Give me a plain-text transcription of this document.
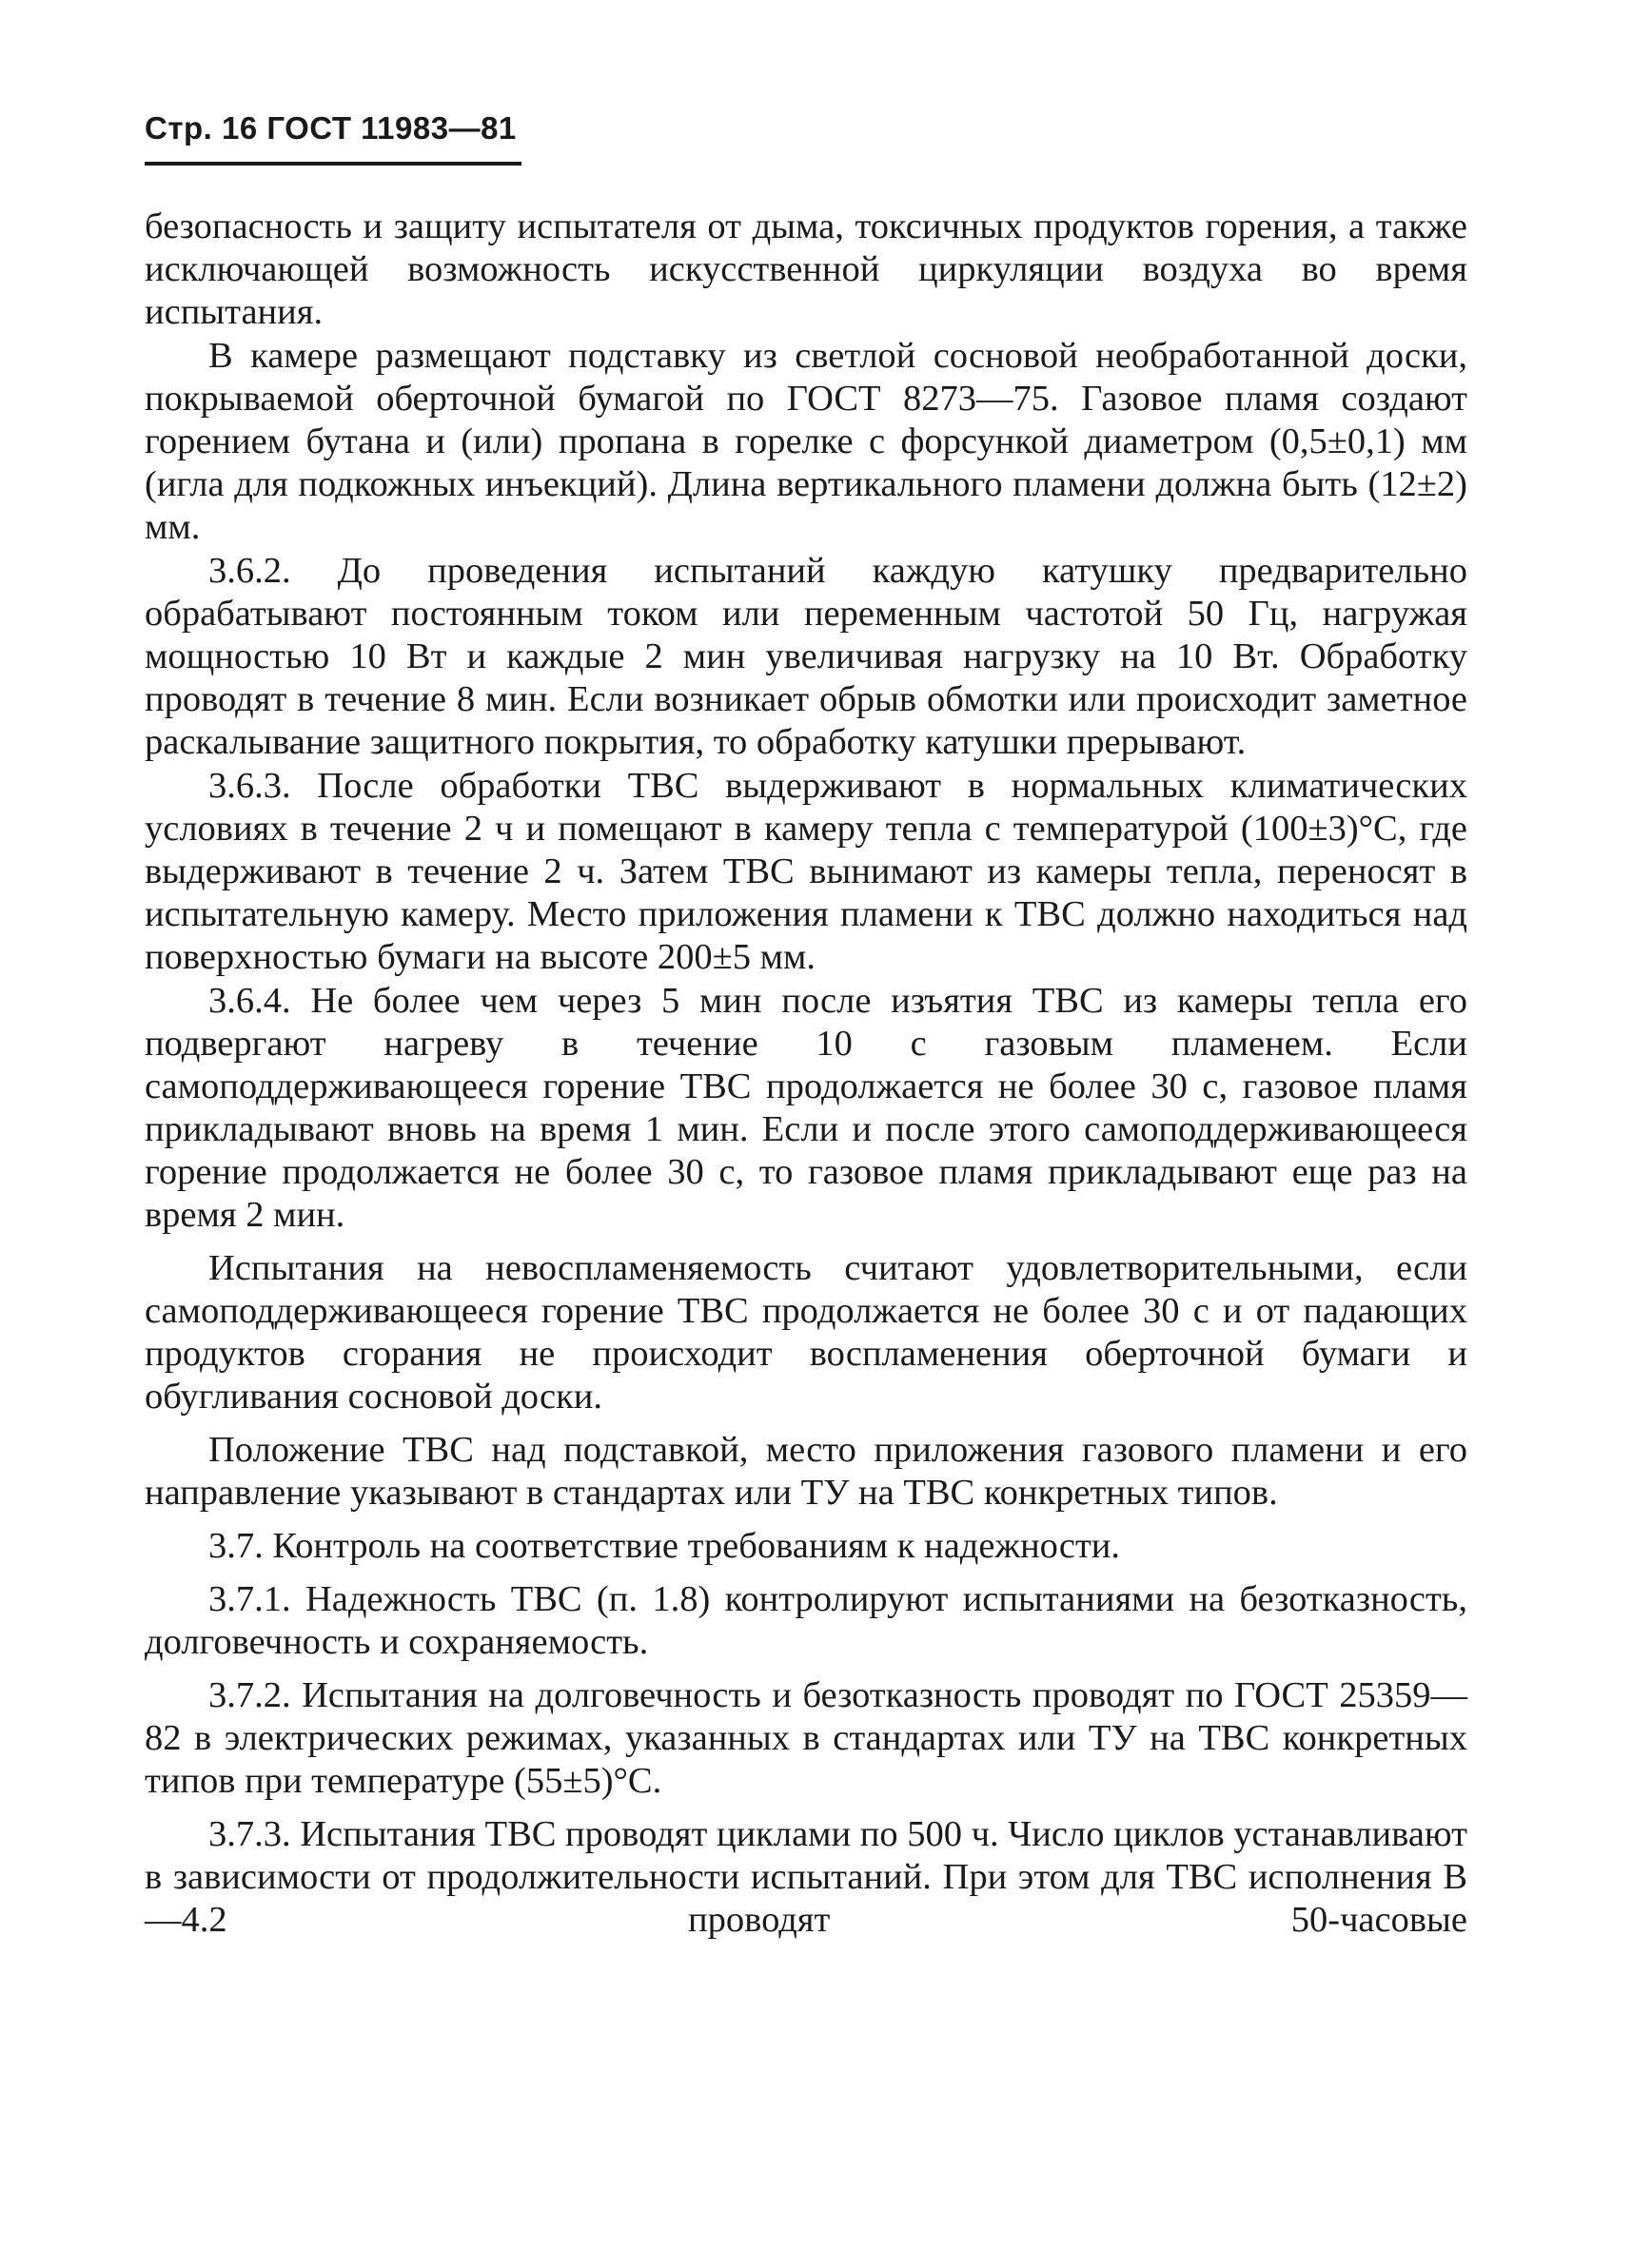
Стр. 16 ГОСТ 11983—81

безопасность и защиту испытателя от дыма, токсичных продуктов горения, а также исключающей возможность искусственной циркуляции воздуха во время испытания.

В камере размещают подставку из светлой сосновой необработанной доски, покрываемой оберточной бумагой по ГОСТ 8273—75. Газовое пламя создают горением бутана и (или) пропана в горелке с форсункой диаметром (0,5±0,1) мм (игла для подкожных инъекций). Длина вертикального пламени должна быть (12±2) мм.

3.6.2. До проведения испытаний каждую катушку предварительно обрабатывают постоянным током или переменным частотой 50 Гц, нагружая мощностью 10 Вт и каждые 2 мин увеличивая нагрузку на 10 Вт. Обработку проводят в течение 8 мин. Если возникает обрыв обмотки или происходит заметное раскалывание защитного покрытия, то обработку катушки прерывают.

3.6.3. После обработки ТВС выдерживают в нормальных климатических условиях в течение 2 ч и помещают в камеру тепла с температурой (100±3)°С, где выдерживают в течение 2 ч. Затем ТВС вынимают из камеры тепла, переносят в испытательную камеру. Место приложения пламени к ТВС должно находиться над поверхностью бумаги на высоте 200±5 мм.

3.6.4. Не более чем через 5 мин после изъятия ТВС из камеры тепла его подвергают нагреву в течение 10 с газовым пламенем. Если самоподдерживающееся горение ТВС продолжается не более 30 с, газовое пламя прикладывают вновь на время 1 мин. Если и после этого самоподдерживающееся горение продолжается не более 30 с, то газовое пламя прикладывают еще раз на время 2 мин.

Испытания на невоспламеняемость считают удовлетворительными, если самоподдерживающееся горение ТВС продолжается не более 30 с и от падающих продуктов сгорания не происходит воспламенения оберточной бумаги и обугливания сосновой доски.

Положение ТВС над подставкой, место приложения газового пламени и его направление указывают в стандартах или ТУ на ТВС конкретных типов.

3.7. Контроль на соответствие требованиям к надежности.

3.7.1. Надежность ТВС (п. 1.8) контролируют испытаниями на безотказность, долговечность и сохраняемость.

3.7.2. Испытания на долговечность и безотказность проводят по ГОСТ 25359—82 в электрических режимах, указанных в стандартах или ТУ на ТВС конкретных типов при температуре (55±5)°С.

3.7.3. Испытания ТВС проводят циклами по 500 ч. Число циклов устанавливают в зависимости от продолжительности испытаний. При этом для ТВС исполнения В—4.2 проводят 50-часовые
